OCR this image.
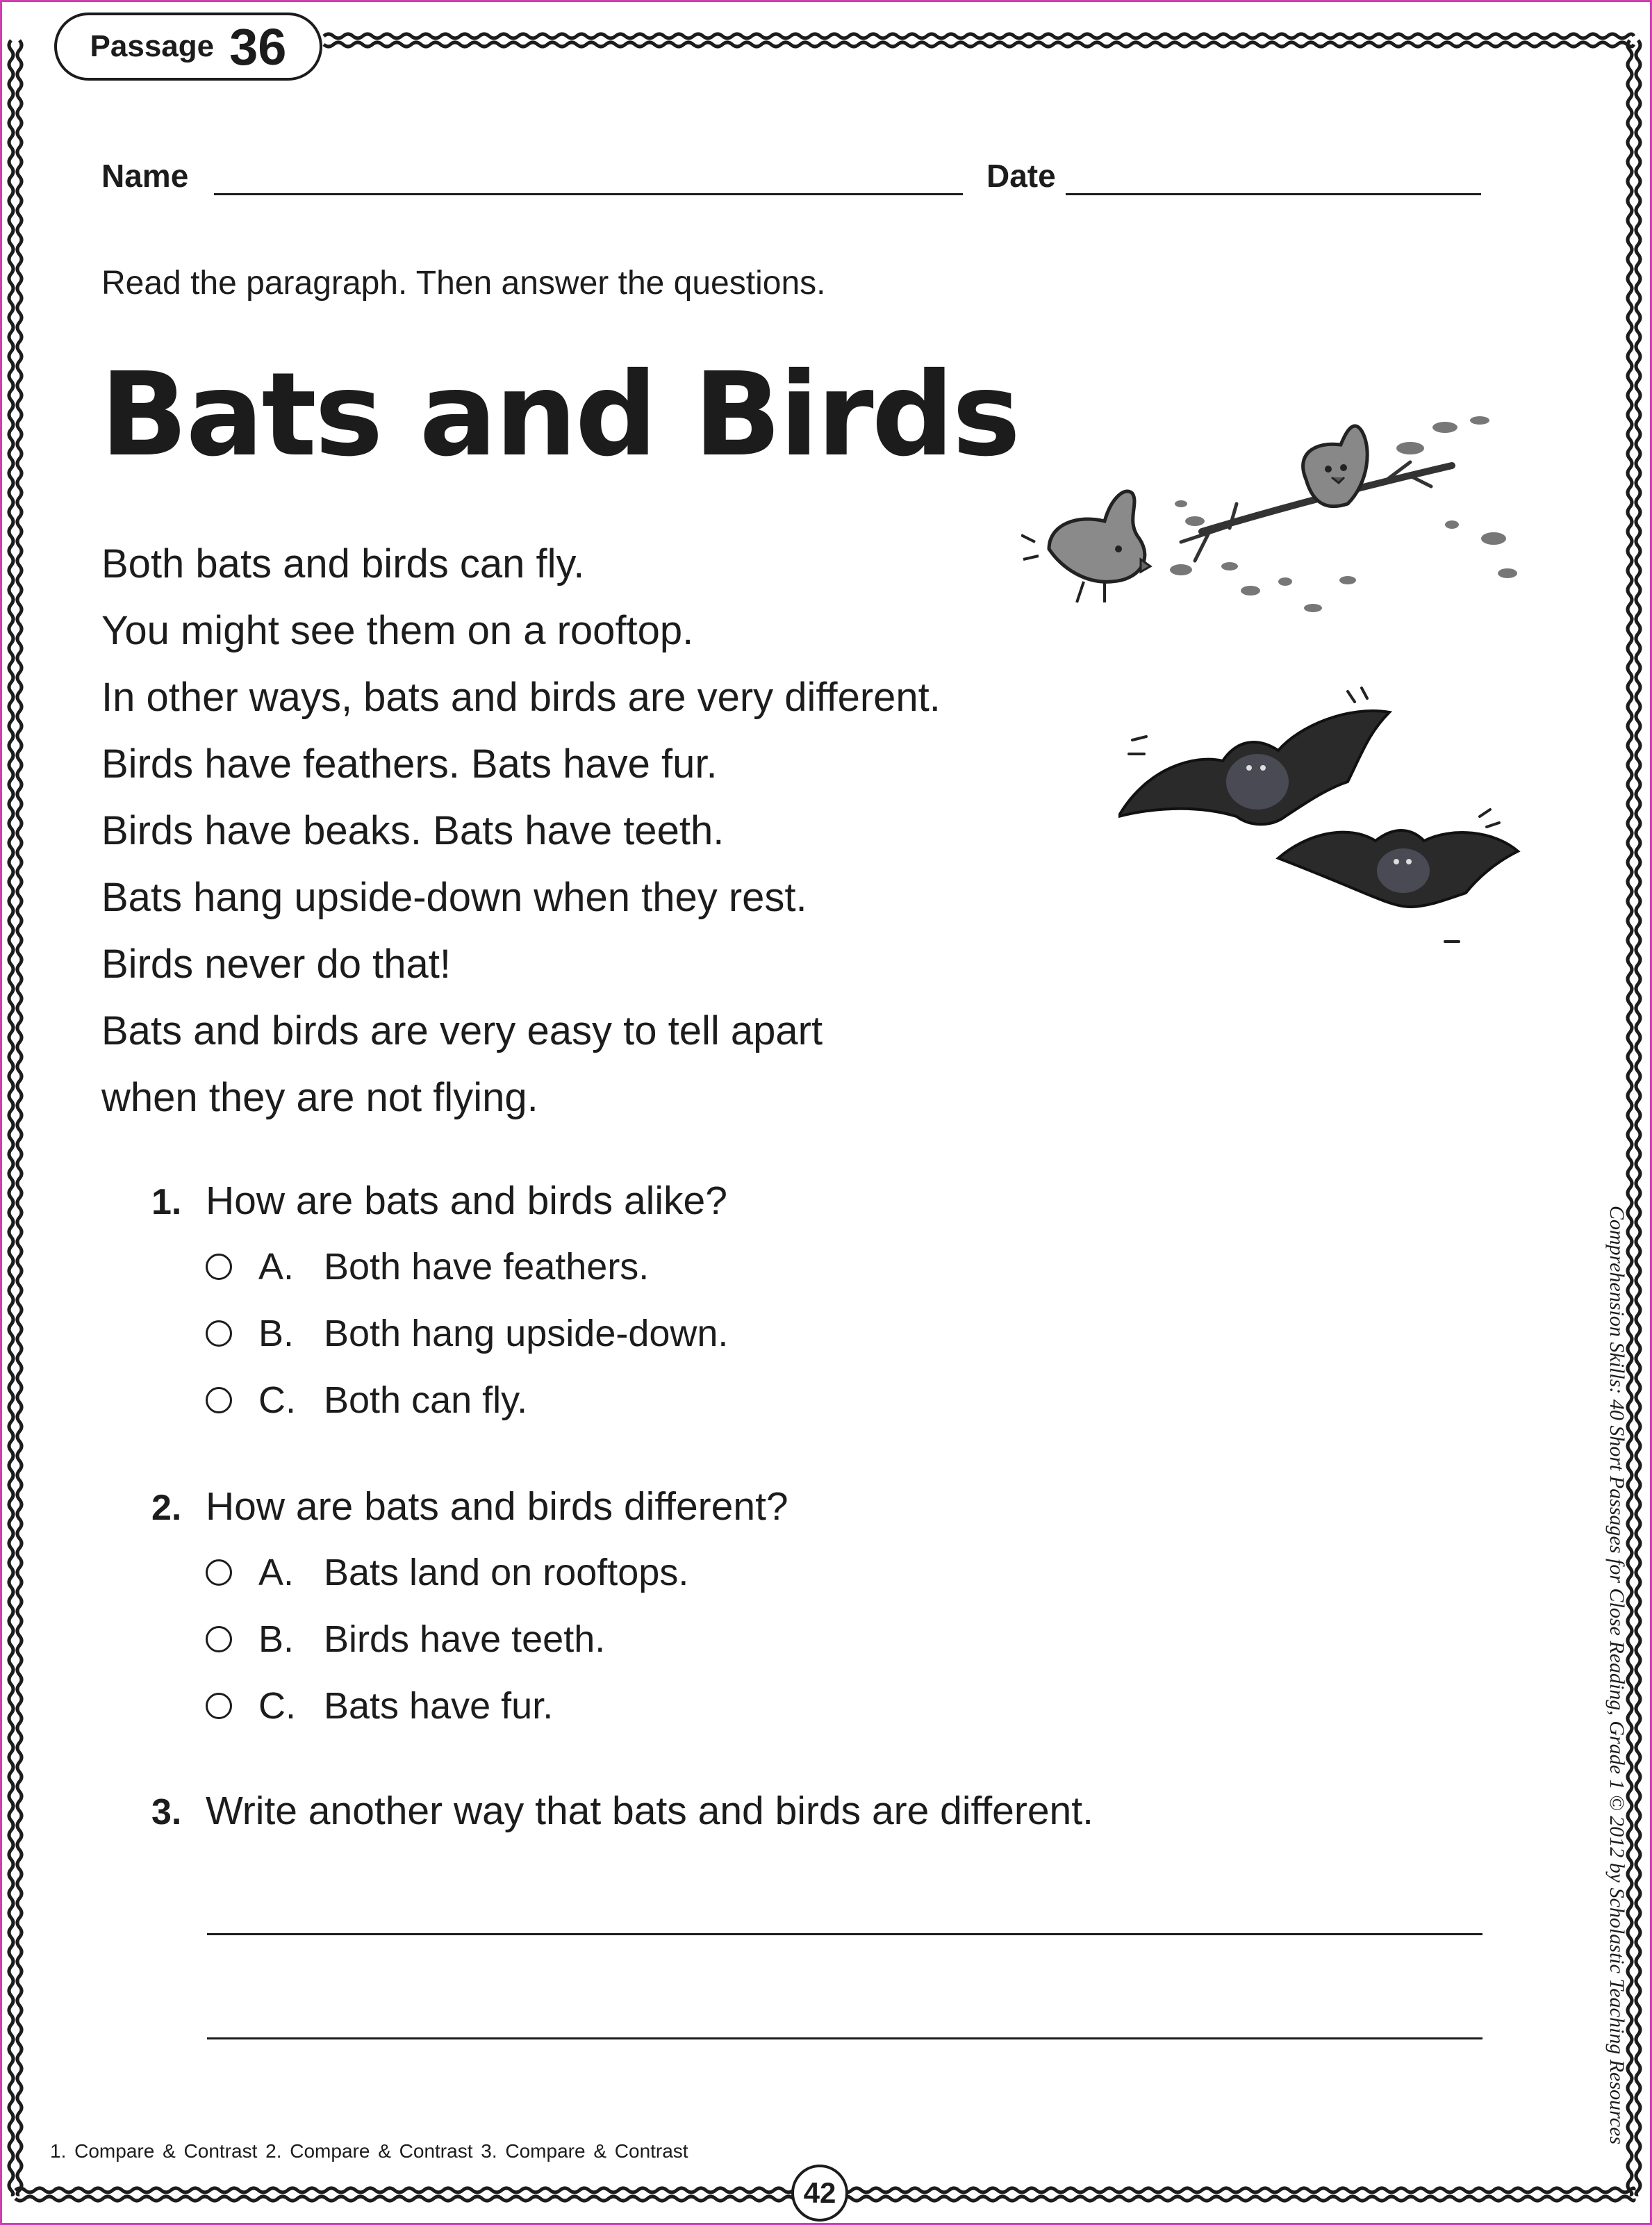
Passage 36
Name	Date
Read the paragraph. Then answer the questions.
Bats and Birds
Both bats and birds can fly.
You might see them on a rooftop.
In other ways, bats and birds are very different.
Birds have feathers. Bats have fur.
Birds have beaks. Bats have teeth.
Bats hang upside-down when they rest.
Birds never do that!
Bats and birds are very easy to tell apart
when they are not flying.
1. How are bats and birds alike?
A. Both have feathers.
B. Both hang upside-down.
C. Both can fly.
2. How are bats and birds different?
A. Bats land on rooftops.
B. Birds have teeth.
C. Bats have fur.
3. Write another way that bats and birds are different.
1. Compare & Contrast 2. Compare & Contrast 3. Compare & Contrast
42
Comprehension Skills: 40 Short Passages for Close Reading, Grade 1 © 2012 by Scholastic Teaching Resources
